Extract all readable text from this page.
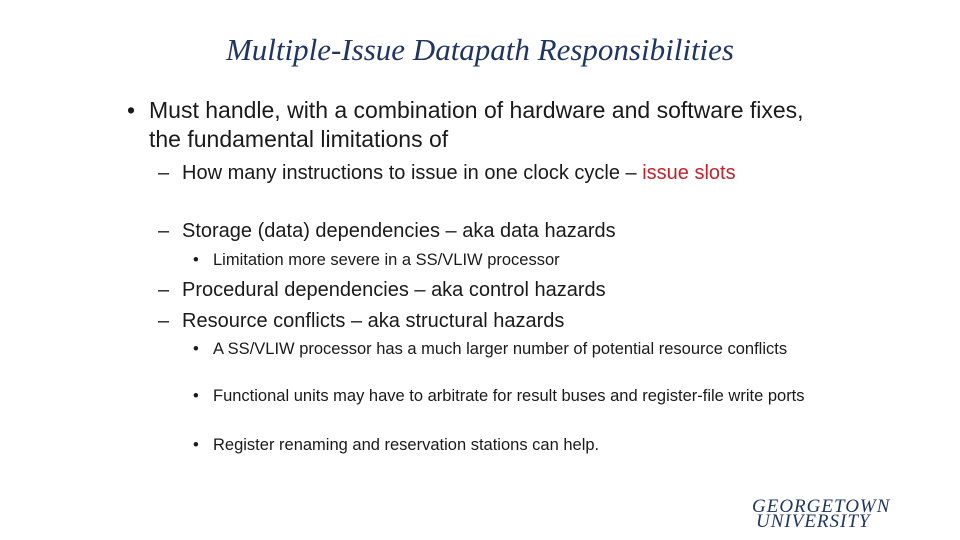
Multiple-Issue Datapath Responsibilities
• Must handle, with a combination of hardware and software fixes, the fundamental limitations of
– How many instructions to issue in one clock cycle – issue slots
– Storage (data) dependencies – aka data hazards
• Limitation more severe in a SS/VLIW processor
– Procedural dependencies – aka control hazards
– Resource conflicts – aka structural hazards
• A SS/VLIW processor has a much larger number of potential resource conflicts
• Functional units may have to arbitrate for result buses and register-file write ports
• Register renaming and reservation stations can help.
GEORGETOWN
UNIVERSITY
